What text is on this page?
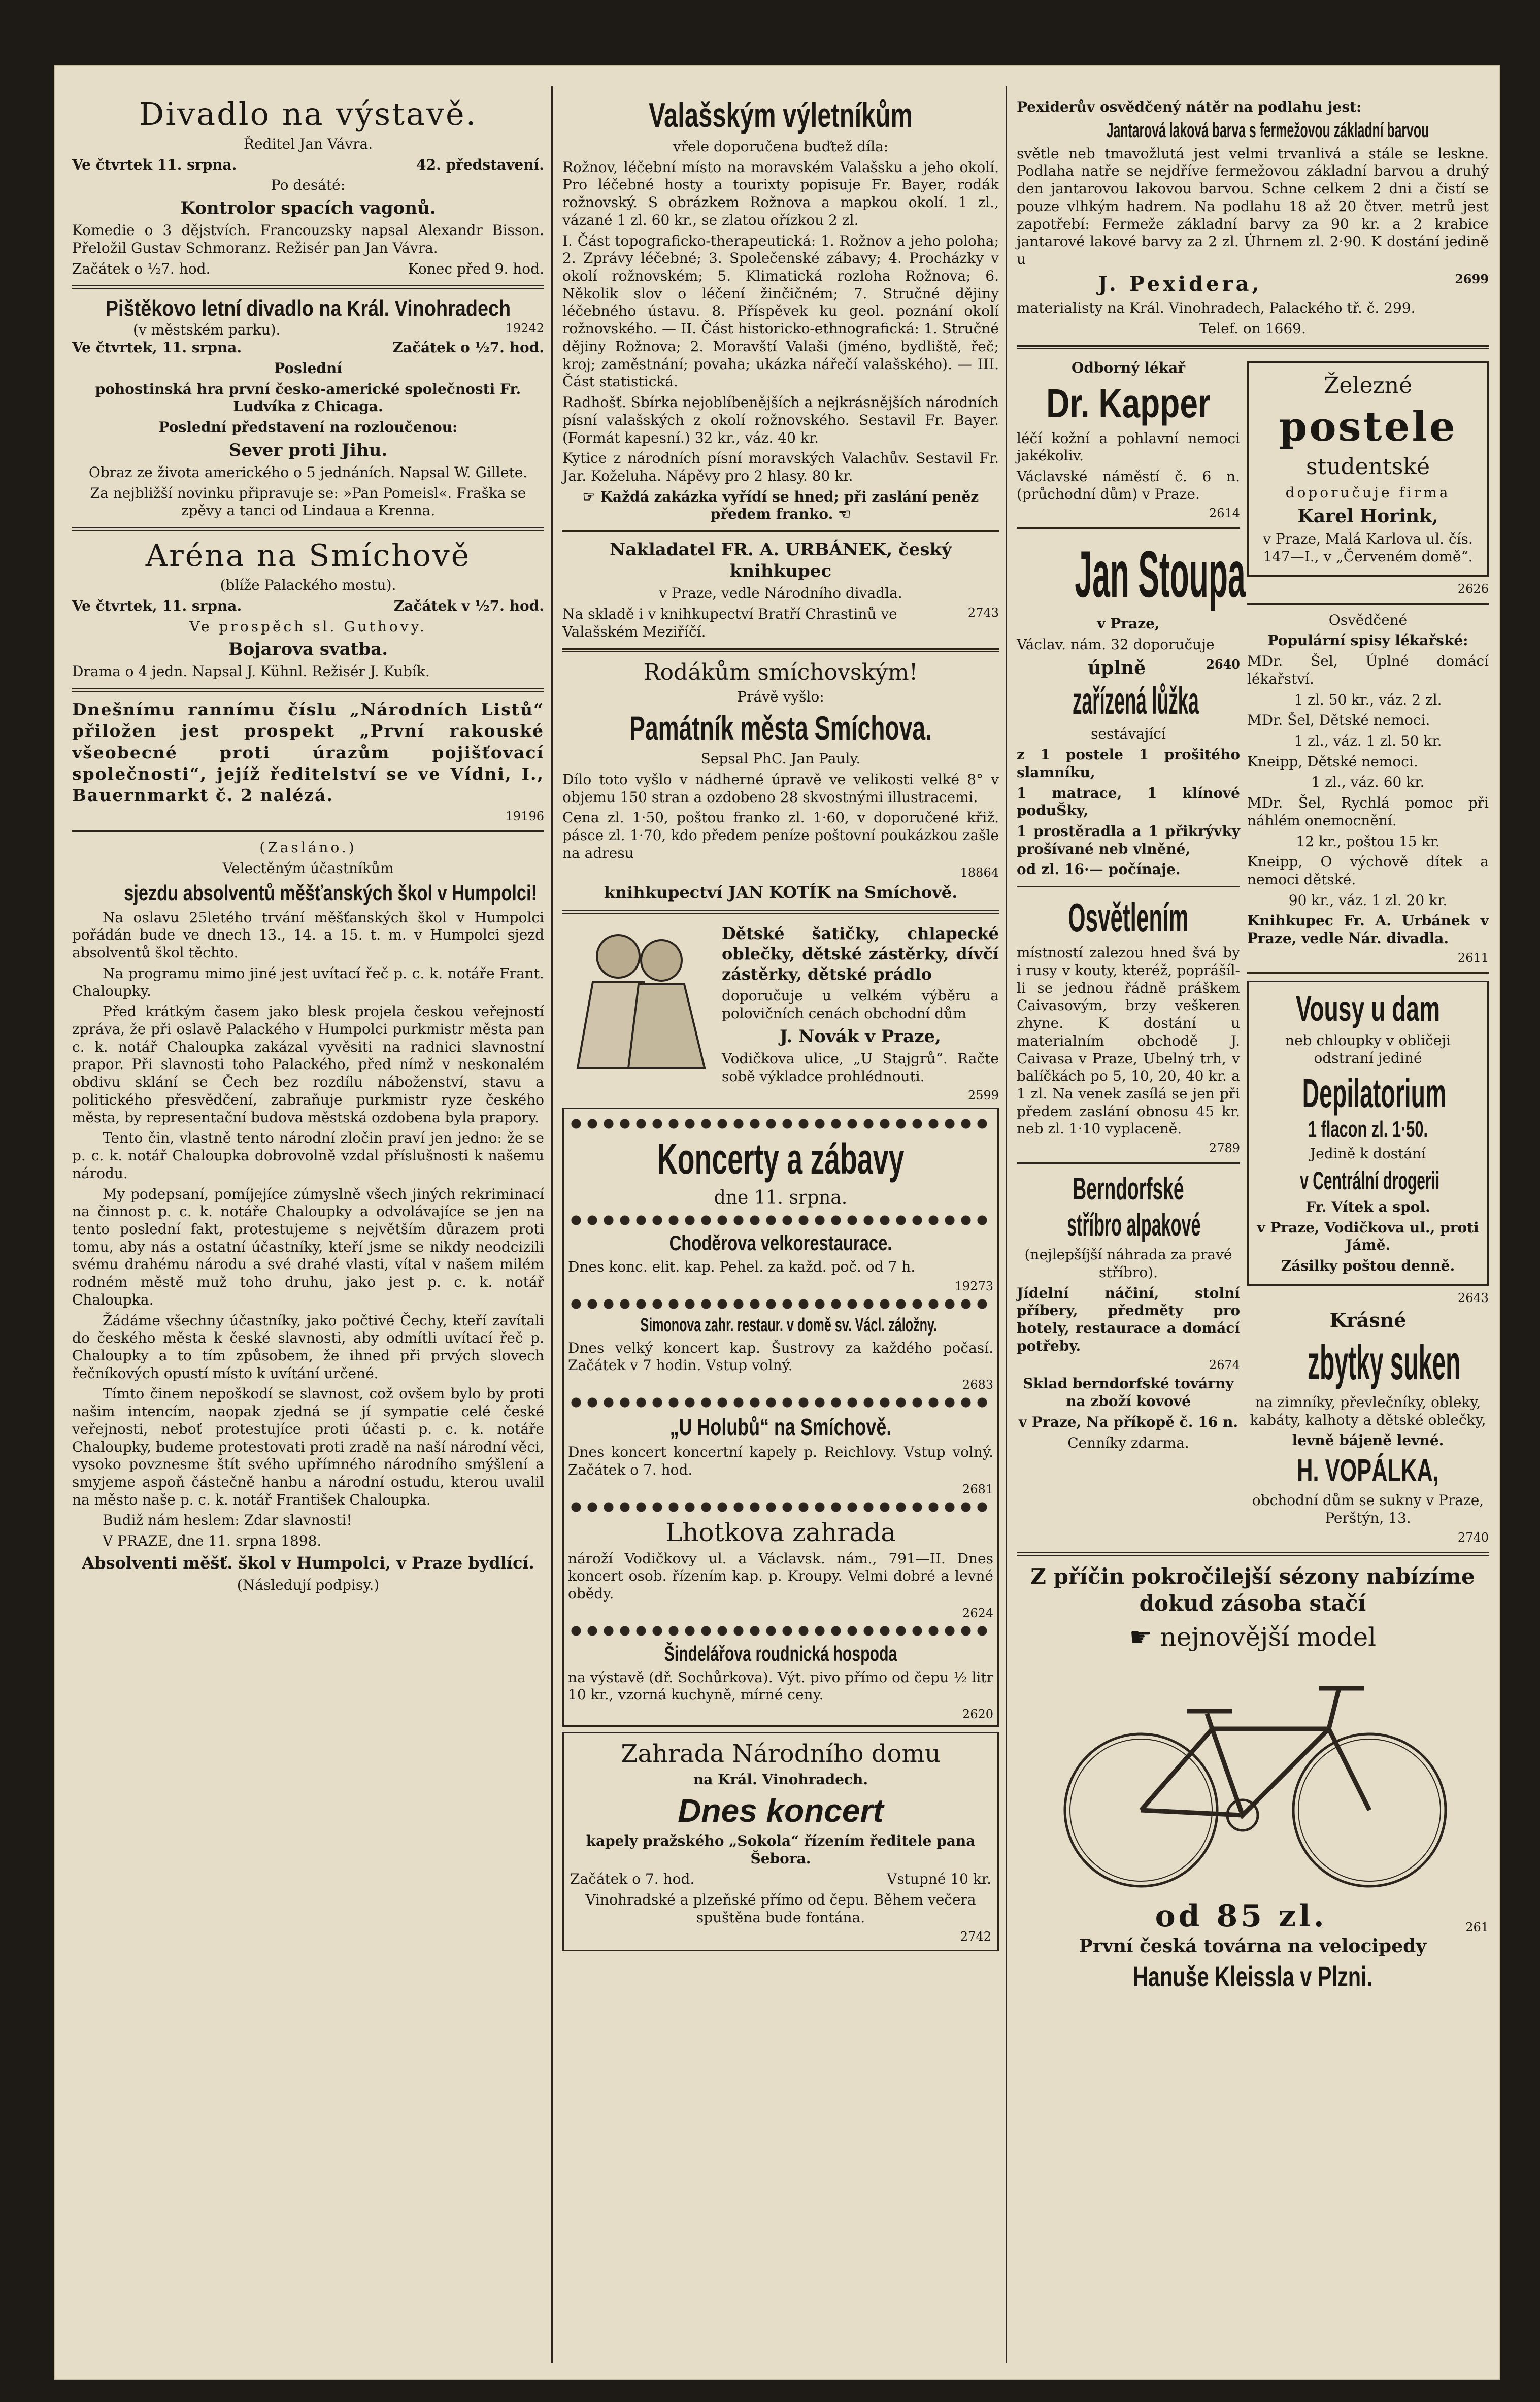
Divadlo na výstavě.
Ředitel Jan Vávra.
Ve čtvrtek 11. srpna.	42. představení.
Po desáté:
Kontrolor spacích vagonů.
Komedie o 3 dějstvích. Francouzsky napsal Alexandr Bisson. Přeložil Gustav Schmoranz. Režisér pan Jan Vávra.
Začátek o ½7. hod.	Konec před 9. hod.
Pištěkovo letní divadlo na Král. Vinohradech
(v městském parku).	19242
Ve čtvrtek, 11. srpna.	Začátek o ½7. hod.
Poslední
pohostinská hra první česko-americké společnosti Fr. Ludvíka z Chicaga.
Poslední představení na rozloučenou:
Sever proti Jihu.
Obraz ze života amerického o 5 jednáních. Napsal W. Gillete.
Za nejbližší novinku připravuje se: »Pan Pomeisl«. Fraška se zpěvy a tanci od Lindaua a Krenna.
Aréna na Smíchově
(blíže Palackého mostu).
Ve čtvrtek, 11. srpna.	Začátek v ½7. hod.
Ve prospěch sl. Guthovy.
Bojarova svatba.
Drama o 4 jedn. Napsal J. Kühnl. Režisér J. Kubík.
Dnešnímu rannímu číslu „Národních Listů“ přiložen jest prospekt „První rakouské všeobecné proti úrazům pojišťovací společnosti“, jejíž ředitelství se ve Vídni, I., Bauernmarkt č. 2 nalézá.
19196
(Zasláno.)
Velectěným účastníkům
sjezdu absolventů měšťanských škol v Humpolci!
Na oslavu 25letého trvání měšťanských škol v Humpolci pořádán bude ve dnech 13., 14. a 15. t. m. v Humpolci sjezd absolventů škol těchto.
Na programu mimo jiné jest uvítací řeč p. c. k. notáře Frant. Chaloupky.
Před krátkým časem jako blesk projela českou veřejností zpráva, že při oslavě Palackého v Humpolci purkmistr města pan c. k. notář Chaloupka zakázal vyvěsiti na radnici slavnostní prapor. Při slavnosti toho Palackého, před nímž v neskonalém obdivu sklání se Čech bez rozdílu náboženství, stavu a politického přesvědčení, zabraňuje purkmistr ryze českého města, by representační budova městská ozdobena byla prapory.
Tento čin, vlastně tento národní zločin praví jen jedno: že se p. c. k. notář Chaloupka dobrovolně vzdal příslušnosti k našemu národu.
My podepsaní, pomíjejíce zúmyslně všech jiných rekriminací na činnost p. c. k. notáře Chaloupky a odvolávajíce se jen na tento poslední fakt, protestujeme s největším důrazem proti tomu, aby nás a ostatní účastníky, kteří jsme se nikdy neodcizili svému drahému národu a své drahé vlasti, vítal v našem milém rodném městě muž toho druhu, jako jest p. c. k. notář Chaloupka.
Žádáme všechny účastníky, jako počtivé Čechy, kteří zavítali do českého města k české slavnosti, aby odmítli uvítací řeč p. Chaloupky a to tím způsobem, že ihned při prvých slovech řečníkových opustí místo k uvítání určené.
Tímto činem nepoškodí se slavnost, což ovšem bylo by proti našim intencím, naopak zjedná se jí sympatie celé české veřejnosti, neboť protestujíce proti účasti p. c. k. notáře Chaloupky, budeme protestovati proti zradě na naší národní věci, vysoko povznesme štít svého upřímného národního smýšlení a smyjeme aspoň částečně hanbu a národní ostudu, kterou uvalil na město naše p. c. k. notář František Chaloupka.
Budiž nám heslem: Zdar slavnosti!
V PRAZE, dne 11. srpna 1898.
Absolventi měšť. škol v Humpolci, v Praze bydlící.
(Následují podpisy.)
Valašským výletníkům
vřele doporučena buďtež díla:
Rožnov, léčební místo na moravském Valašsku a jeho okolí. Pro léčebné hosty a tourixty popisuje Fr. Bayer, rodák rožnovský. S obrázkem Rožnova a mapkou okolí. 1 zl., vázané 1 zl. 60 kr., se zlatou ořízkou 2 zl.
I. Část topograficko-therapeutická: 1. Rožnov a jeho poloha; 2. Zprávy léčebné; 3. Společenské zábavy; 4. Procházky v okolí rožnovském; 5. Klimatická rozloha Rožnova; 6. Několik slov o léčení žinčičném; 7. Stručné dějiny léčebného ústavu. 8. Příspěvek ku geol. poznání okolí rožnovského. — II. Část historicko-ethnografická: 1. Stručné dějiny Rožnova; 2. Moravští Valaši (jméno, bydliště, řeč; kroj; zaměstnání; povaha; ukázka nářečí valašského). — III. Část statistická.
Radhošť. Sbírka nejoblíbenějších a nejkrásnějších národních písní valašských z okolí rožnovského. Sestavil Fr. Bayer. (Formát kapesní.) 32 kr., váz. 40 kr.
Kytice z národních písní moravských Valachův. Sestavil Fr. Jar. Koželuha. Nápěvy pro 2 hlasy. 80 kr.
☞ Každá zakázka vyřídí se hned; při zaslání peněz předem franko. ☜
Nakladatel FR. A. URBÁNEK, český knihkupec
v Praze, vedle Národního divadla.
Na skladě i v knihkupectví Bratří Chrastinů ve Valašském Meziříčí.
2743
Rodákům smíchovským!
Právě vyšlo:
Památník města Smíchova.
Sepsal PhC. Jan Pauly.
Dílo toto vyšlo v nádherné úpravě ve velikosti velké 8° v objemu 150 stran a ozdobeno 28 skvostnými illustracemi.
Cena zl. 1·50, poštou franko zl. 1·60, v doporučené křiž. pásce zl. 1·70, kdo předem peníze poštovní poukázkou zašle na adresu
18864
knihkupectví JAN KOTÍK na Smíchově.
Dětské šatičky, chlapecké oblečky, dětské zástěrky, dívčí zástěrky, dětské prádlo
doporučuje u velkém výběru a polovičních cenách obchodní dům
J. Novák v Praze,
Vodičkova ulice, „U Stajgrů“. Račte sobě výkladce prohlédnouti.
2599
Koncerty a zábavy
dne 11. srpna.
Choděrova velkorestaurace.
Dnes konc. elit. kap. Pehel. za každ. poč. od 7 h.
19273
Simonova zahr. restaur. v domě sv. Václ. záložny.
Dnes velký koncert kap. Šustrovy za každého počasí. Začátek v 7 hodin. Vstup volný.
2683
„U Holubů“ na Smíchově.
Dnes koncert koncertní kapely p. Reichlovy. Vstup volný. Začátek o 7. hod.
2681
Lhotkova zahrada
nároží Vodičkovy ul. a Václavsk. nám., 791—II. Dnes koncert osob. řízením kap. p. Kroupy. Velmi dobré a levné obědy.
2624
Šindelářova roudnická hospoda
na výstavě (dř. Sochůrkova). Výt. pivo přímo od čepu ½ litr 10 kr., vzorná kuchyně, mírné ceny.
2620
Zahrada Národního domu
na Král. Vinohradech.
Dnes koncert
kapely pražského „Sokola“ řízením ředitele pana Šebora.
Začátek o 7. hod.	Vstupné 10 kr.
Vinohradské a plzeňské přímo od čepu. Během večera spuštěna bude fontána.
2742
Pexiderův osvědčený nátěr na podlahu jest:
Jantarová laková barva s fermežovou základní barvou
světle neb tmavožlutá jest velmi trvanlivá a stále se leskne. Podlaha natře se nejdříve fermežovou základní barvou a druhý den jantarovou lakovou barvou. Schne celkem 2 dni a čistí se pouze vlhkým hadrem. Na podlahu 18 až 20 čtver. metrů jest zapotřebí: Fermeže základní barvy za 90 kr. a 2 krabice jantarové lakové barvy za 2 zl. Úhrnem zl. 2·90. K dostání jedině u
J. Pexidera,	2699
materialisty na Král. Vinohradech, Palackého tř. č. 299.
Telef. on 1669.
Odborný lékař
Dr. Kapper
léčí kožní a pohlavní nemoci jakékoliv.
Václavské náměstí č. 6 n. (průchodní dům) v Praze.
2614
Jan Stoupa
v Praze,
Václav. nám. 32 doporučuje
úplně	2640
zařízená lůžka
sestávající
z 1 postele 1 prošitého slamníku,
1 matrace, 1 klínové poduŠky,
1 prostěradla a 1 přikrývky prošívané neb vlněné,
od zl. 16·— počínaje.
Osvětlením
místností zalezou hned švá by i rusy v kouty, kteréž, poprášíl-li se jednou řádně práškem Caivasovým, brzy veškeren zhyne. K dostání u materialním obchodě J. Caivasa v Praze, Ubelný trh, v balíčkách po 5, 10, 20, 40 kr. a 1 zl. Na venek zasílá se jen při předem zaslání obnosu 45 kr. neb zl. 1·10 vyplaceně.
2789
Berndorfské
stříbro alpakové
(nejlepšíjší náhrada za pravé stříbro).
Jídelní náčiní, stolní příbery, předměty pro hotely, restaurace a domácí potřeby.
2674
Sklad berndorfské továrny na zboží kovové
v Praze, Na příkopě č. 16 n.
Cenníky zdarma.
Železné
postele
studentské
doporučuje firma
Karel Horink,
v Praze, Malá Karlova ul. čís. 147—I., v „Červeném domě“.
2626
Osvědčené
Populární spisy lékařské:
MDr. Šel, Úplné domácí lékařství.
1 zl. 50 kr., váz. 2 zl.
MDr. Šel, Dětské nemoci.
1 zl., váz. 1 zl. 50 kr.
Kneipp, Dětské nemoci.
1 zl., váz. 60 kr.
MDr. Šel, Rychlá pomoc při náhlém onemocnění.
12 kr., poštou 15 kr.
Kneipp, O výchově dítek a nemoci dětské.
90 kr., váz. 1 zl. 20 kr.
Knihkupec Fr. A. Urbánek v Praze, vedle Nár. divadla.
2611
Vousy u dam
neb chloupky v obličeji odstraní jediné
Depilatorium
1 flacon zl. 1·50.
Jedině k dostání
v Centrální drogerii
Fr. Vítek a spol.
v Praze, Vodičkova ul., proti Jámě.
Zásilky poštou denně.
2643
Krásné
zbytky suken
na zimníky, převlečníky, obleky, kabáty, kalhoty a dětské oblečky,
levně bájeně levné.
H. VOPÁLKA,
obchodní dům se sukny v Praze, Perštýn, 13.
2740
Z příčin pokročilejší sézony nabízíme dokud zásoba stačí
☛ nejnovější model
od 85 zl.	261
První česká továrna na velocipedy
Hanuše Kleissla v Plzni.
